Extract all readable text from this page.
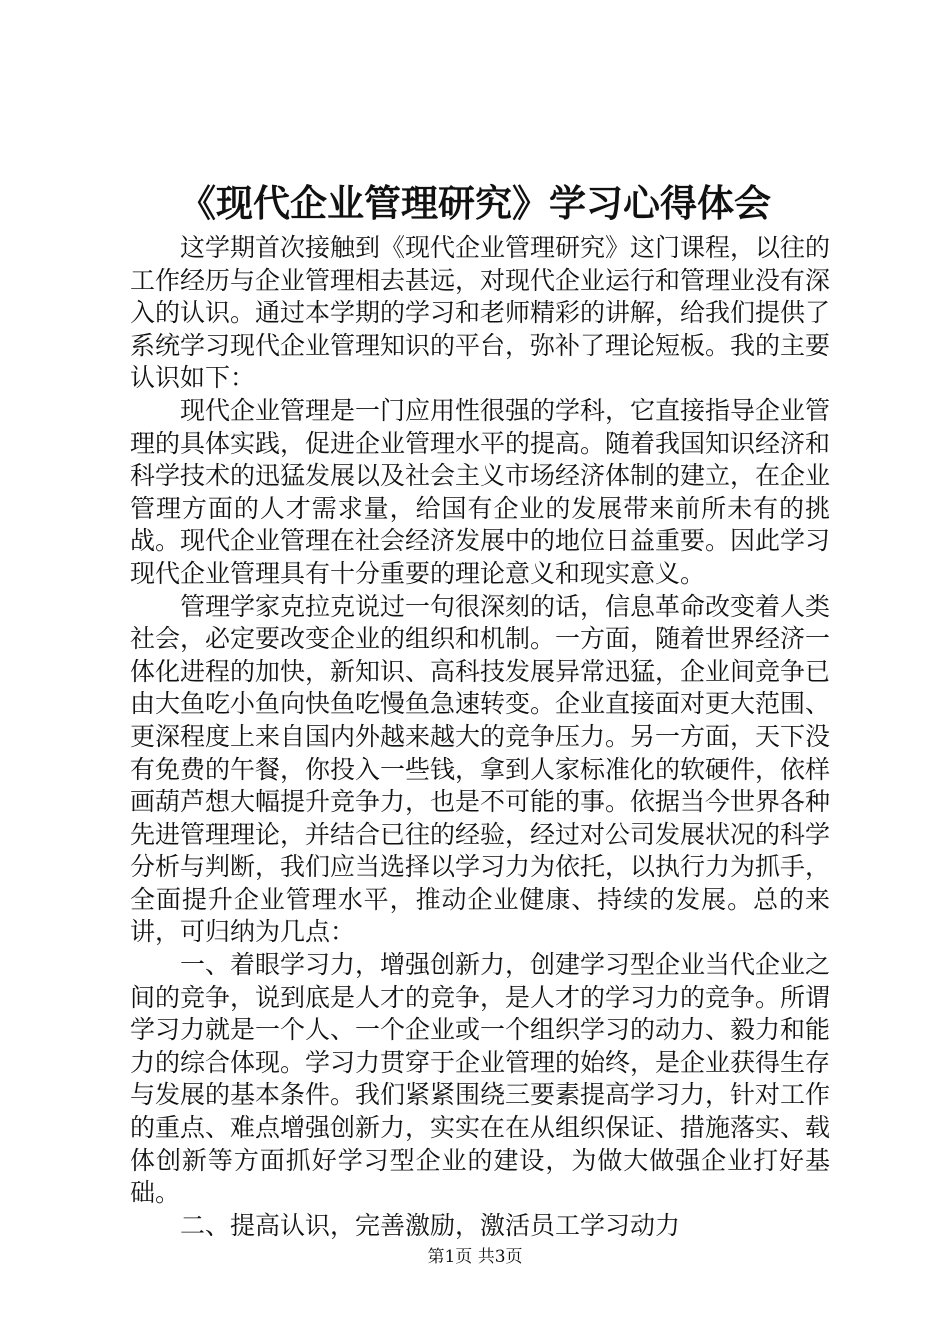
《现代企业管理研究》学习心得体会

这学期首次接触到《现代企业管理研究》这门课程，以往的工作经历与企业管理相去甚远，对现代企业运行和管理业没有深入的认识。通过本学期的学习和老师精彩的讲解，给我们提供了系统学习现代企业管理知识的平台，弥补了理论短板。我的主要认识如下：

现代企业管理是一门应用性很强的学科，它直接指导企业管理的具体实践，促进企业管理水平的提高。随着我国知识经济和科学技术的迅猛发展以及社会主义市场经济体制的建立，在企业管理方面的人才需求量，给国有企业的发展带来前所未有的挑战。现代企业管理在社会经济发展中的地位日益重要。因此学习现代企业管理具有十分重要的理论意义和现实意义。

管理学家克拉克说过一句很深刻的话，信息革命改变着人类社会，必定要改变企业的组织和机制。一方面，随着世界经济一体化进程的加快，新知识、高科技发展异常迅猛，企业间竞争已由大鱼吃小鱼向快鱼吃慢鱼急速转变。企业直接面对更大范围、更深程度上来自国内外越来越大的竞争压力。另一方面，天下没有免费的午餐，你投入一些钱，拿到人家标准化的软硬件，依样画葫芦想大幅提升竞争力，也是不可能的事。依据当今世界各种先进管理理论，并结合已往的经验，经过对公司发展状况的科学分析与判断，我们应当选择以学习力为依托，以执行力为抓手，全面提升企业管理水平，推动企业健康、持续的发展。总的来讲，可归纳为几点：

一、着眼学习力，增强创新力，创建学习型企业当代企业之间的竞争，说到底是人才的竞争，是人才的学习力的竞争。所谓学习力就是一个人、一个企业或一个组织学习的动力、毅力和能力的综合体现。学习力贯穿于企业管理的始终，是企业获得生存与发展的基本条件。我们紧紧围绕三要素提高学习力，针对工作的重点、难点增强创新力，实实在在从组织保证、措施落实、载体创新等方面抓好学习型企业的建设，为做大做强企业打好基础。

二、提高认识，完善激励，激活员工学习动力

第1页 共3页
